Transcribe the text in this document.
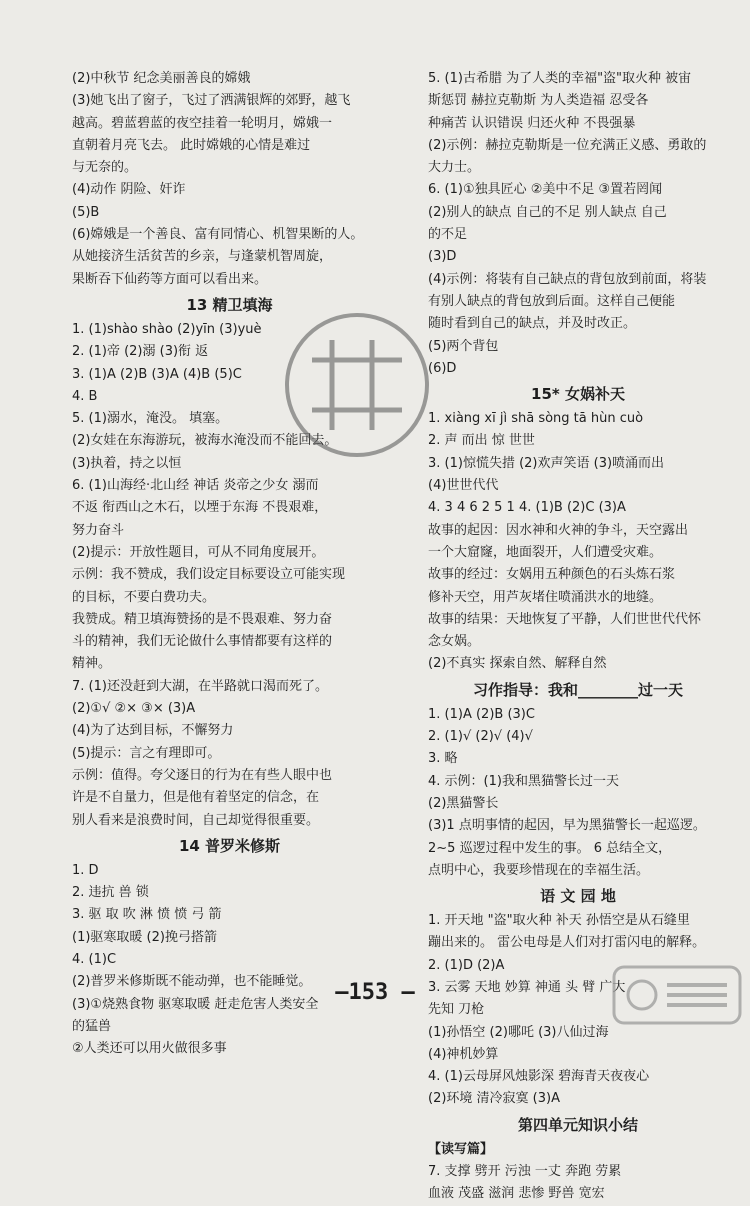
(2)中秋节 纪念美丽善良的嫦娥
(3)她飞出了窗子，飞过了洒满银辉的郊野，越飞
越高。碧蓝碧蓝的夜空挂着一轮明月，嫦娥一
直朝着月亮飞去。 此时嫦娥的心情是难过
与无奈的。
(4)动作 阴险、奸诈
(5)B
(6)嫦娥是一个善良、富有同情心、机智果断的人。
从她接济生活贫苦的乡亲，与逢蒙机智周旋，
果断吞下仙药等方面可以看出来。
13 精卫填海
1. (1)shào shào (2)yīn (3)yuè
2. (1)帝 (2)溺 (3)衔 返
3. (1)A (2)B (3)A (4)B (5)C
4. B
5. (1)溺水，淹没。 填塞。
(2)女娃在东海游玩，被海水淹没而不能回去。
(3)执着，持之以恒
6. (1)山海经·北山经 神话 炎帝之少女 溺而
不返 衔西山之木石，以堙于东海 不畏艰难，
努力奋斗
(2)提示：开放性题目，可从不同角度展开。
示例：我不赞成，我们设定目标要设立可能实现
的目标，不要白费功夫。
我赞成。精卫填海赞扬的是不畏艰难、努力奋
斗的精神，我们无论做什么事情都要有这样的
精神。
7. (1)还没赶到大湖，在半路就口渴而死了。
(2)①√ ②× ③× (3)A
(4)为了达到目标，不懈努力
(5)提示：言之有理即可。
示例：值得。夸父逐日的行为在有些人眼中也
许是不自量力，但是他有着坚定的信念，在
别人看来是浪费时间，自己却觉得很重要。
14 普罗米修斯
1. D
2. 违抗 兽 锁
3. 驱 取 吹 淋 愤 愤 弓 箭
(1)驱寒取暖 (2)挽弓搭箭
4. (1)C
(2)普罗米修斯既不能动弹，也不能睡觉。
(3)①烧熟食物 驱寒取暖 赶走危害人类安全
的猛兽
②人类还可以用火做很多事
5. (1)古希腊 为了人类的幸福"盗"取火种 被宙
斯惩罚 赫拉克勒斯 为人类造福 忍受各
种痛苦 认识错误 归还火种 不畏强暴
(2)示例：赫拉克勒斯是一位充满正义感、勇敢的
大力士。
6. (1)①独具匠心 ②美中不足 ③置若罔闻
(2)别人的缺点 自己的不足 别人缺点 自己
的不足
(3)D
(4)示例：将装有自己缺点的背包放到前面，将装
有别人缺点的背包放到后面。这样自己便能
随时看到自己的缺点，并及时改正。
(5)两个背包
(6)D
15* 女娲补天
1. xiàng xī jì shā sòng tā hùn cuò
2. 声 而出 惊 世世
3. (1)惊慌失措 (2)欢声笑语 (3)喷涌而出
(4)世世代代
4. 3 4 6 2 5 1 4. (1)B (2)C (3)A
故事的起因：因水神和火神的争斗，天空露出
一个大窟窿，地面裂开，人们遭受灾难。
故事的经过：女娲用五种颜色的石头炼石浆
修补天空，用芦灰堵住喷涌洪水的地缝。
故事的结果：天地恢复了平静，人们世世代代怀
念女娲。
(2)不真实 探索自然、解释自然
习作指导：我和________过一天
1. (1)A (2)B (3)C
2. (1)√ (2)√ (4)√
3. 略
4. 示例：(1)我和黑猫警长过一天
(2)黑猫警长
(3)1 点明事情的起因，早为黑猫警长一起巡逻。
2~5 巡逻过程中发生的事。 6 总结全文，
点明中心，我要珍惜现在的幸福生活。
语 文 园 地
1. 开天地 "盗"取火种 补天 孙悟空是从石缝里
蹦出来的。 雷公电母是人们对打雷闪电的解释。
2. (1)D (2)A
3. 云雾 天地 妙算 神通 头 臂 广大
先知 刀枪
(1)孙悟空 (2)哪吒 (3)八仙过海
(4)神机妙算
4. (1)云母屏风烛影深 碧海青天夜夜心
(2)环境 清冷寂寞 (3)A
第四单元知识小结
【读写篇】
7. 支撑 劈开 污浊 一丈 奔跑 劳累
血液 茂盛 滋润 悲惨 野兽 宽宏
—153 —
